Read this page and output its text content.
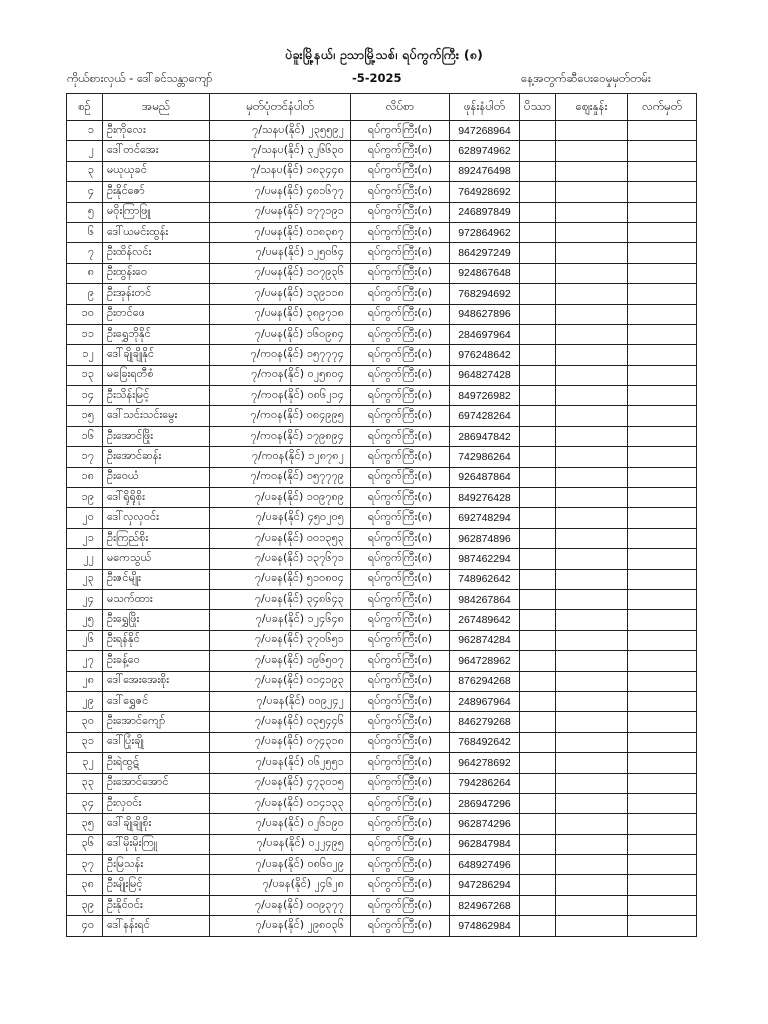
ပဲခူးမြို့နယ်၊ ဥသာမြို့သစ်၊ ရပ်ကွက်ကြီး (၈)
ကိုယ်စားလှယ် - ဒေါ်ခင်သန္တာကျော်	-5-2025	နေ့အတွက်ဆီပေးဝေမှုမှတ်တမ်း
စဉ်	အမည်	မှတ်ပုံတင်နံပါတ်	လိပ်စာ	ဖုန်းနံပါတ်	ပိဿာ	ဈေးနှုန်း	လက်မှတ်
၁	ဦးကိုလေး	၇/သနပ(နိုင်) ၂၃၅၅၉၂	ရပ်ကွက်ကြီး(၈)	947268964			
၂	ဒေါ်တင်အေး	၇/သနပ(နိုင်) ၃၂၆၆၃၀	ရပ်ကွက်ကြီး(၈)	628974962			
၃	မယုယုခင်	၇/သနပ(နိုင်) ၁၈၃၄၄၈	ရပ်ကွက်ကြီး(၈)	892476498			
၄	ဦးနိုင်ဇော်	၇/ပမန(နိုင်) ၄၈၁၆၇၇	ရပ်ကွက်ကြီး(၈)	764928692			
၅	မဝိုးကြာဖြူ	၇/ပမန(နိုင်) ၁၇၇၁၉၁	ရပ်ကွက်ကြီး(၈)	246897849			
၆	ဒေါ်ယမင်းထွန်း	၇/ပမန(နိုင်) ၀၁၈၃၈၇	ရပ်ကွက်ကြီး(၈)	972864962			
၇	ဦးထိန်လင်း	၇/ပမန(နိုင်) ၁၂၅၀၆၄	ရပ်ကွက်ကြီး(၈)	864297249			
၈	ဦးထွန်းဝေ	၇/ပမန(နိုင်) ၁၀၇၉၃၆	ရပ်ကွက်ကြီး(၈)	924867648			
၉	ဦးအုန်းတင်	၇/ပမန(နိုင်) ၁၃၉၁၁၈	ရပ်ကွက်ကြီး(၈)	768294692			
၁၀	ဦးတင်ဖေ	၇/ပမန(နိုင်) ၃၈၉၇၁၈	ရပ်ကွက်ကြီး(၈)	948627896			
၁၁	ဦးရွှေဘိုနိုင်	၇/ပမန(နိုင်) ၁၆၀၉၈၄	ရပ်ကွက်ကြီး(၈)	284697964			
၁၂	ဒေါ်ချိုချိုနိုင်	၇/ကဝန(နိုင်) ၁၅၇၇၇၄	ရပ်ကွက်ကြီး(၈)	976248642			
၁၃	မခြေးရတီစံ	၇/ကဝန(နိုင်) ၀၂၅၈၀၄	ရပ်ကွက်ကြီး(၈)	964827428			
၁၄	ဦးသိန်းမြင့်	၇/ကဝန(နိုင်) ၀၈၆၂၁၄	ရပ်ကွက်ကြီး(၈)	849726982			
၁၅	ဒေါ်သင်းသင်းမွေး	၇/ကဝန(နိုင်) ၀၈၄၉၉၅	ရပ်ကွက်ကြီး(၈)	697428264			
၁၆	ဦးအောင်ဖြိုး	၇/ကဝန(နိုင်) ၁၇၉၈၉၄	ရပ်ကွက်ကြီး(၈)	286947842			
၁၇	ဦးအောင်ဆန်း	၇/ကဝန(နိုင်) ၁၂၈၇၈၂	ရပ်ကွက်ကြီး(၈)	742986264			
၁၈	ဦးဝေယံ	၇/ကဝန(နိုင်) ၁၅၇၇၇၉	ရပ်ကွက်ကြီး(၈)	926487864			
၁၉	ဒေါ်ရိုရိုစိုး	၇/ပခန(နိုင်) ၁၀၉၇၈၉	ရပ်ကွက်ကြီး(၈)	849276428			
၂၀	ဒေါ်လှလှဝင်း	၇/ပခန(နိုင်) ၄၅၀၂၀၅	ရပ်ကွက်ကြီး(၈)	692748294			
၂၁	ဦးကြည်စိုး	၇/ပခန(နိုင်) ၀၀၁၃၅၃	ရပ်ကွက်ကြီး(၈)	962874896			
၂၂	မကေသွယ်	၇/ပခန(နိုင်) ၁၃၇၆၇၁	ရပ်ကွက်ကြီး(၈)	987462294			
၂၃	ဦးဇင်မျိုး	၇/ပခန(နိုင်) ၅၁၀၈၀၄	ရပ်ကွက်ကြီး(၈)	748962642			
၂၄	မသက်ထား	၇/ပခန(နိုင်) ၃၄၈၆၄၃	ရပ်ကွက်ကြီး(၈)	984267864			
၂၅	ဦးရွှေဖြိုး	၇/ပခန(နိုင်) ၁၂၄၆၄၈	ရပ်ကွက်ကြီး(၈)	267489642			
၂၆	ဦးရန်နိုင်	၇/ပခန(နိုင်) ၃၇၀၆၅၁	ရပ်ကွက်ကြီး(၈)	962874284			
၂၇	ဦးခန့်ဝေ	၇/ပခန(နိုင်) ၁၉၆၅၀၇	ရပ်ကွက်ကြီး(၈)	964728962			
၂၈	ဒေါ်အေးအေးစိုး	၇/ပခန(နိုင်) ၀၁၄၁၉၃	ရပ်ကွက်ကြီး(၈)	876294268			
၂၉	ဒေါ်ရွှေဇင်	၇/ပခန(နိုင်) ၀၀၉၂၄၂	ရပ်ကွက်ကြီး(၈)	248967964			
၃၀	ဦးအောင်ကျော်	၇/ပခန(နိုင်) ၀၃၅၄၄၆	ရပ်ကွက်ကြီး(၈)	846279268			
၃၁	ဒေါ်ပြုံးချို	၇/ပခန(နိုင်) ၀၇၄၃၁၈	ရပ်ကွက်ကြီး(၈)	768492642			
၃၂	ဦးရဲထွဋ်	၇/ပခန(နိုင်) ၀၆၂၅၅၁	ရပ်ကွက်ကြီး(၈)	964278692			
၃၃	ဦးအောင်အောင်	၇/ပခန(နိုင်) ၄၇၃၀၁၅	ရပ်ကွက်ကြီး(၈)	794286264			
၃၄	ဦးလှဝင်း	၇/ပခန(နိုင်) ၀၁၄၁၃၃	ရပ်ကွက်ကြီး(၈)	286947296			
၃၅	ဒေါ်ချိုချိုစိုး	၇/ပခန(နိုင်) ၀၂၆၁၉၀	ရပ်ကွက်ကြီး(၈)	962874296			
၃၆	ဒေါ်မိုးမိုးကြူ	၇/ပခန(နိုင်) ၀၂၂၄၉၅	ရပ်ကွက်ကြီး(၈)	962847984			
၃၇	ဦးမြသန်း	၇/ပခန(နိုင်) ၀၈၆၀၂၉	ရပ်ကွက်ကြီး(၈)	648927496			
၃၈	ဦးမျိုးမြင့်	၇/ပခန(နိုင်) ၂၄၆၂၈	ရပ်ကွက်ကြီး(၈)	947286294			
၃၉	ဦးနိုင်ဝင်း	၇/ပခန(နိုင်) ၀၀၉၃၇၇	ရပ်ကွက်ကြီး(၈)	824967268			
၄၀	ဒေါ်နန်းရင်	၇/ပခန(နိုင်) ၂၉၈၀၃၆	ရပ်ကွက်ကြီး(၈)	974862984			
